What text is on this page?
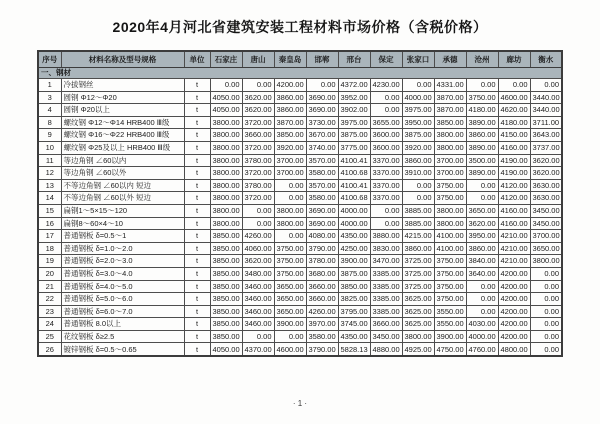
2020年4月河北省建筑安装工程材料市场价格（含税价格）
序号	材料名称及型号规格	单位	石家庄	唐山	秦皇岛	邯郸	邢台	保定	张家口	承德	沧州	廊坊	衡水
一、钢材													
1	冷拔钢丝	t	0.00	0.00	4200.00	0.00	4372.00	4230.00	0.00	4331.00	0.00	0.00	0.00
3	圆钢 Φ12～Φ20	t	4050.00	3620.00	3860.00	3690.00	3952.00	0.00	4000.00	3870.00	3750.00	4600.00	3440.00
4	圆钢 Φ20以上	t	4050.00	3620.00	3860.00	3690.00	3902.00	0.00	3975.00	3870.00	4180.00	4620.00	3440.00
8	螺纹钢 Φ12～Φ14 HRB400 Ⅲ级	t	3800.00	3720.00	3870.00	3730.00	3975.00	3655.00	3950.00	3850.00	3890.00	4180.00	3711.00
9	螺纹钢 Φ16～Φ22 HRB400 Ⅲ级	t	3800.00	3660.00	3850.00	3670.00	3875.00	3600.00	3875.00	3800.00	3860.00	4150.00	3643.00
10	螺纹钢 Φ25及以上 HRB400 Ⅲ级	t	3800.00	3720.00	3920.00	3740.00	3775.00	3600.00	3920.00	3800.00	3890.00	4160.00	3737.00
11	等边角钢 ∠60以内	t	3800.00	3780.00	3700.00	3570.00	4100.41	3370.00	3860.00	3700.00	3500.00	4190.00	3620.00
12	等边角钢 ∠60以外	t	3800.00	3720.00	3700.00	3580.00	4100.68	3370.00	3910.00	3700.00	3890.00	4190.00	3620.00
13	不等边角钢 ∠60以内 短边	t	3800.00	3780.00	0.00	3570.00	4100.41	3370.00	0.00	3750.00	0.00	4120.00	3630.00
14	不等边角钢 ∠60以外 短边	t	3800.00	3720.00	0.00	3580.00	4100.68	3370.00	0.00	3750.00	0.00	4120.00	3630.00
15	扁钢1～5×15～120	t	3800.00	0.00	3800.00	3690.00	4000.00	0.00	3885.00	3800.00	3650.00	4160.00	3450.00
16	扁钢8～60×4～10	t	3800.00	0.00	3800.00	3690.00	4000.00	0.00	3885.00	3800.00	3620.00	4160.00	3450.00
17	普通钢板 δ=0.5～1	t	3850.00	4260.00	0.00	4080.00	4350.00	3880.00	4215.00	4100.00	3950.00	4210.00	3700.00
18	普通钢板 δ=1.0～2.0	t	3850.00	4060.00	3750.00	3790.00	4250.00	3830.00	3860.00	4100.00	3860.00	4210.00	3650.00
19	普通钢板 δ=2.0～3.0	t	3850.00	3620.00	3750.00	3780.00	3900.00	3470.00	3725.00	3750.00	3840.00	4210.00	3800.00
20	普通钢板 δ=3.0～4.0	t	3850.00	3480.00	3750.00	3680.00	3875.00	3385.00	3725.00	3750.00	3640.00	4200.00	0.00
21	普通钢板 δ=4.0～5.0	t	3850.00	3460.00	3650.00	3660.00	3850.00	3385.00	3725.00	3750.00	0.00	4200.00	0.00
22	普通钢板 δ=5.0～6.0	t	3850.00	3460.00	3650.00	3660.00	3825.00	3385.00	3625.00	3750.00	0.00	4200.00	0.00
23	普通钢板 δ=6.0～7.0	t	3850.00	3460.00	3650.00	4260.00	3795.00	3385.00	3625.00	3550.00	0.00	4200.00	0.00
24	普通钢板 8.0以上	t	3850.00	3460.00	3900.00	3970.00	3745.00	3660.00	3625.00	3550.00	4030.00	4200.00	0.00
25	花纹钢板 δ≥2.5	t	3850.00	0.00	0.00	3580.00	4350.00	3450.00	3800.00	3900.00	4000.00	4200.00	0.00
26	镀锌钢板 δ=0.5～0.65	t	4050.00	4370.00	4600.00	3790.00	5828.13	4880.00	4925.00	4750.00	4760.00	4800.00	0.00
· 1 ·
